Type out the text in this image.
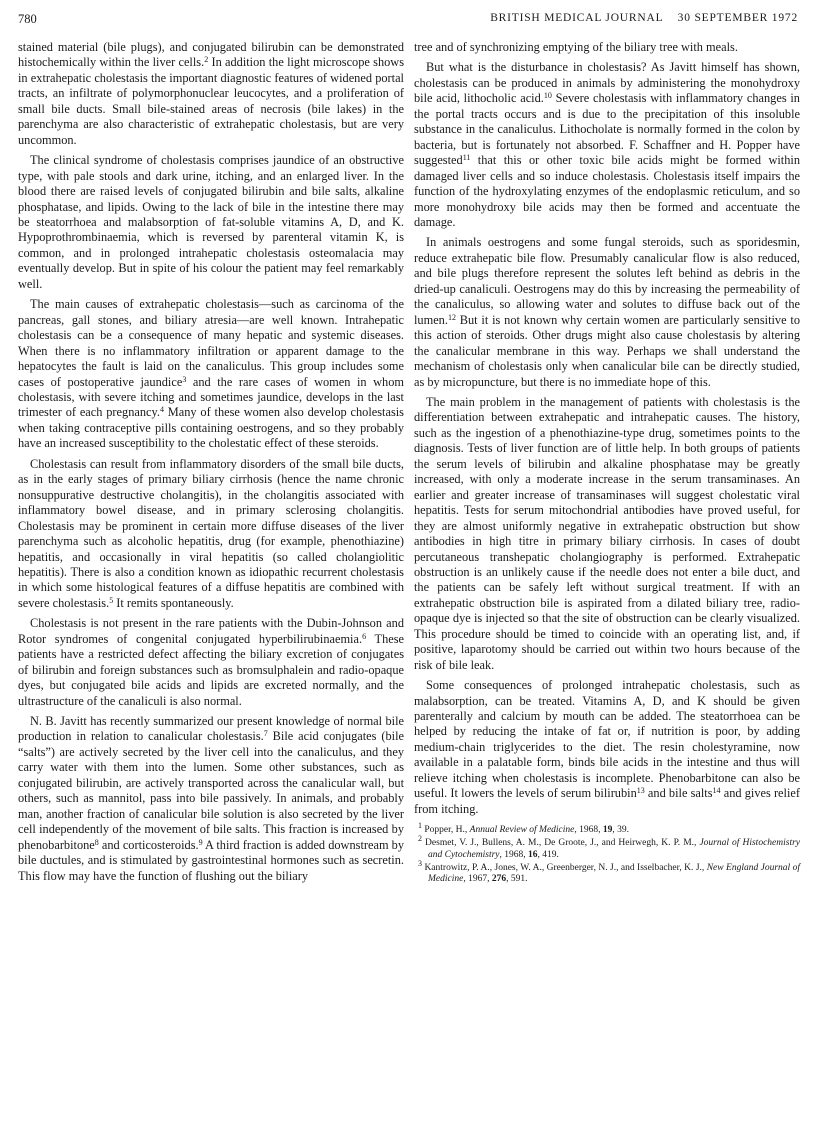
780	BRITISH MEDICAL JOURNAL    30 SEPTEMBER 1972

stained material (bile plugs), and conjugated bilirubin can be demonstrated histochemically within the liver cells.$^2$ In addition the light microscope shows in extrahepatic cholestasis the important diagnostic features of widened portal tracts, an infiltrate of polymorphonuclear leucocytes, and a proliferation of small bile ducts. Small bile-stained areas of necrosis (bile lakes) in the parenchyma are also characteristic of extrahepatic cholestasis, but are very uncommon.

The clinical syndrome of cholestasis comprises jaundice of an obstructive type, with pale stools and dark urine, itching, and an enlarged liver. In the blood there are raised levels of conjugated bilirubin and bile salts, alkaline phosphatase, and lipids. Owing to the lack of bile in the intestine there may be steatorrhoea and malabsorption of fat-soluble vitamins A, D, and K. Hypoprothrombinaemia, which is reversed by parenteral vitamin K, is common, and in prolonged intrahepatic cholestasis osteomalacia may eventually develop. But in spite of his colour the patient may feel remarkably well.

The main causes of extrahepatic cholestasis—such as carcinoma of the pancreas, gall stones, and biliary atresia—are well known. Intrahepatic cholestasis can be a consequence of many hepatic and systemic diseases. When there is no inflammatory infiltration or apparent damage to the hepatocytes the fault is laid on the canaliculus. This group includes some cases of postoperative jaundice$^3$ and the rare cases of women in whom cholestasis, with severe itching and sometimes jaundice, develops in the last trimester of each pregnancy.$^4$ Many of these women also develop cholestasis when taking contraceptive pills containing oestrogens, and so they probably have an increased susceptibility to the cholestatic effect of these steroids.

Cholestasis can result from inflammatory disorders of the small bile ducts, as in the early stages of primary biliary cirrhosis (hence the name chronic nonsuppurative destructive cholangitis), in the cholangitis associated with inflammatory bowel disease, and in primary sclerosing cholangitis. Cholestasis may be prominent in certain more diffuse diseases of the liver parenchyma such as alcoholic hepatitis, drug (for example, phenothiazine) hepatitis, and occasionally in viral hepatitis (so called cholangiolitic hepatitis). There is also a condition known as idiopathic recurrent cholestasis in which some histological features of a diffuse hepatitis are combined with severe cholestasis.$^5$ It remits spontaneously.

Cholestasis is not present in the rare patients with the Dubin-Johnson and Rotor syndromes of congenital conjugated hyperbilirubinaemia.$^6$ These patients have a restricted defect affecting the biliary excretion of conjugates of bilirubin and foreign substances such as bromsulphalein and radio-opaque dyes, but conjugated bile acids and lipids are excreted normally, and the ultrastructure of the canaliculi is also normal.

N. B. Javitt has recently summarized our present knowledge of normal bile production in relation to canalicular cholestasis.$^7$ Bile acid conjugates (bile “salts”) are actively secreted by the liver cell into the canaliculus, and they carry water with them into the lumen. Some other substances, such as conjugated bilirubin, are actively transported across the canalicular wall, but others, such as mannitol, pass into bile passively. In animals, and probably man, another fraction of canalicular bile solution is also secreted by the liver cell independently of the movement of bile salts. This fraction is increased by phenobarbitone$^8$ and corticosteroids.$^9$ A third fraction is added downstream by bile ductules, and is stimulated by gastrointestinal hormones such as secretin. This flow may have the function of flushing out the biliary

tree and of synchronizing emptying of the biliary tree with meals.

But what is the disturbance in cholestasis? As Javitt himself has shown, cholestasis can be produced in animals by administering the monohydroxy bile acid, lithocholic acid.$^{10}$ Severe cholestasis with inflammatory changes in the portal tracts occurs and is due to the precipitation of this insoluble substance in the canaliculus. Lithocholate is normally formed in the colon by bacteria, but is fortunately not absorbed. F. Schaffner and H. Popper have suggested$^{11}$ that this or other toxic bile acids might be formed within damaged liver cells and so induce cholestasis. Cholestasis itself impairs the function of the hydroxylating enzymes of the endoplasmic reticulum, and so more monohydroxy bile acids may then be formed and accentuate the damage.

In animals oestrogens and some fungal steroids, such as sporidesmin, reduce extrahepatic bile flow. Presumably canalicular flow is also reduced, and bile plugs therefore represent the solutes left behind as debris in the dried-up canaliculi. Oestrogens may do this by increasing the permeability of the canaliculus, so allowing water and solutes to diffuse back out of the lumen.$^{12}$ But it is not known why certain women are particularly sensitive to this action of steroids. Other drugs might also cause cholestasis by altering the canalicular membrane in this way. Perhaps we shall understand the mechanism of cholestasis only when canalicular bile can be directly studied, as by micropuncture, but there is no immediate hope of this.

The main problem in the management of patients with cholestasis is the differentiation between extrahepatic and intrahepatic causes. The history, such as the ingestion of a phenothiazine-type drug, sometimes points to the diagnosis. Tests of liver function are of little help. In both groups of patients the serum levels of bilirubin and alkaline phosphatase may be greatly increased, with only a moderate increase in the serum transaminases. An earlier and greater increase of transaminases will suggest cholestatic viral hepatitis. Tests for serum mitochondrial antibodies have proved useful, for they are almost uniformly negative in extrahepatic obstruction but show antibodies in high titre in primary biliary cirrhosis. In cases of doubt percutaneous transhepatic cholangiography is performed. Extrahepatic obstruction is an unlikely cause if the needle does not enter a bile duct, and the patients can be safely left without surgical treatment. If with an extrahepatic obstruction bile is aspirated from a dilated biliary tree, radio-opaque dye is injected so that the site of obstruction can be clearly visualized. This procedure should be timed to coincide with an operating list, and, if positive, laparotomy should be carried out within two hours because of the risk of bile leak.

Some consequences of prolonged intrahepatic cholestasis, such as malabsorption, can be treated. Vitamins A, D, and K should be given parenterally and calcium by mouth can be added. The steatorrhoea can be helped by reducing the intake of fat or, if nutrition is poor, by adding medium-chain triglycerides to the diet. The resin cholestyramine, now available in a palatable form, binds bile acids in the intestine and thus will relieve itching when cholestasis is incomplete. Phenobarbitone can also be useful. It lowers the levels of serum bilirubin$^{13}$ and bile salts$^{14}$ and gives relief from itching.

$^1$ Popper, H., Annual Review of Medicine, 1968, 19, 39.
$^2$ Desmet, V. J., Bullens, A. M., De Groote, J., and Heirwegh, K. P. M., Journal of Histochemistry and Cytochemistry, 1968, 16, 419.
$^3$ Kantrowitz, P. A., Jones, W. A., Greenberger, N. J., and Isselbacher, K. J., New England Journal of Medicine, 1967, 276, 591.
